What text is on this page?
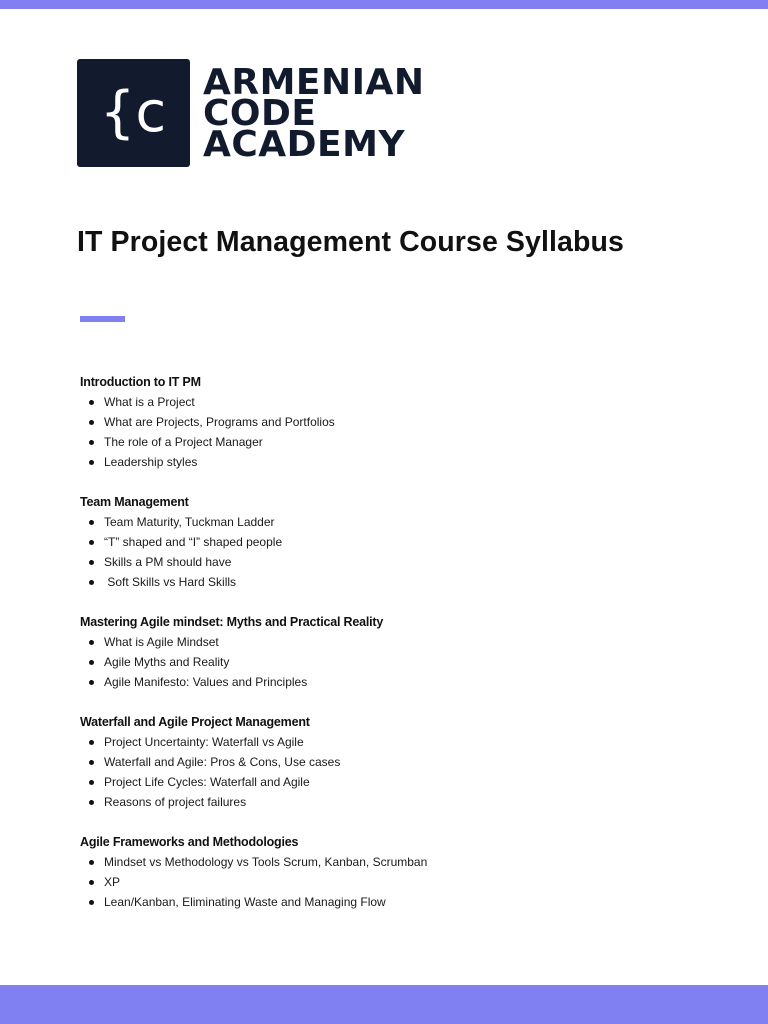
{c ARMENIAN
CODE
ACADEMY
IT Project Management Course Syllabus
Introduction to IT PM
What is a Project
What are Projects, Programs and Portfolios
The role of a Project Manager
Leadership styles
Team Management
Team Maturity, Tuckman Ladder
“T” shaped and “I” shaped people
Skills a PM should have
Soft Skills vs Hard Skills
Mastering Agile mindset: Myths and Practical Reality
What is Agile Mindset
Agile Myths and Reality
Agile Manifesto: Values and Principles
Waterfall and Agile Project Management
Project Uncertainty: Waterfall vs Agile
Waterfall and Agile: Pros & Cons, Use cases
Project Life Cycles: Waterfall and Agile
Reasons of project failures
Agile Frameworks and Methodologies
Mindset vs Methodology vs Tools Scrum, Kanban, Scrumban
XP
Lean/Kanban, Eliminating Waste and Managing Flow
